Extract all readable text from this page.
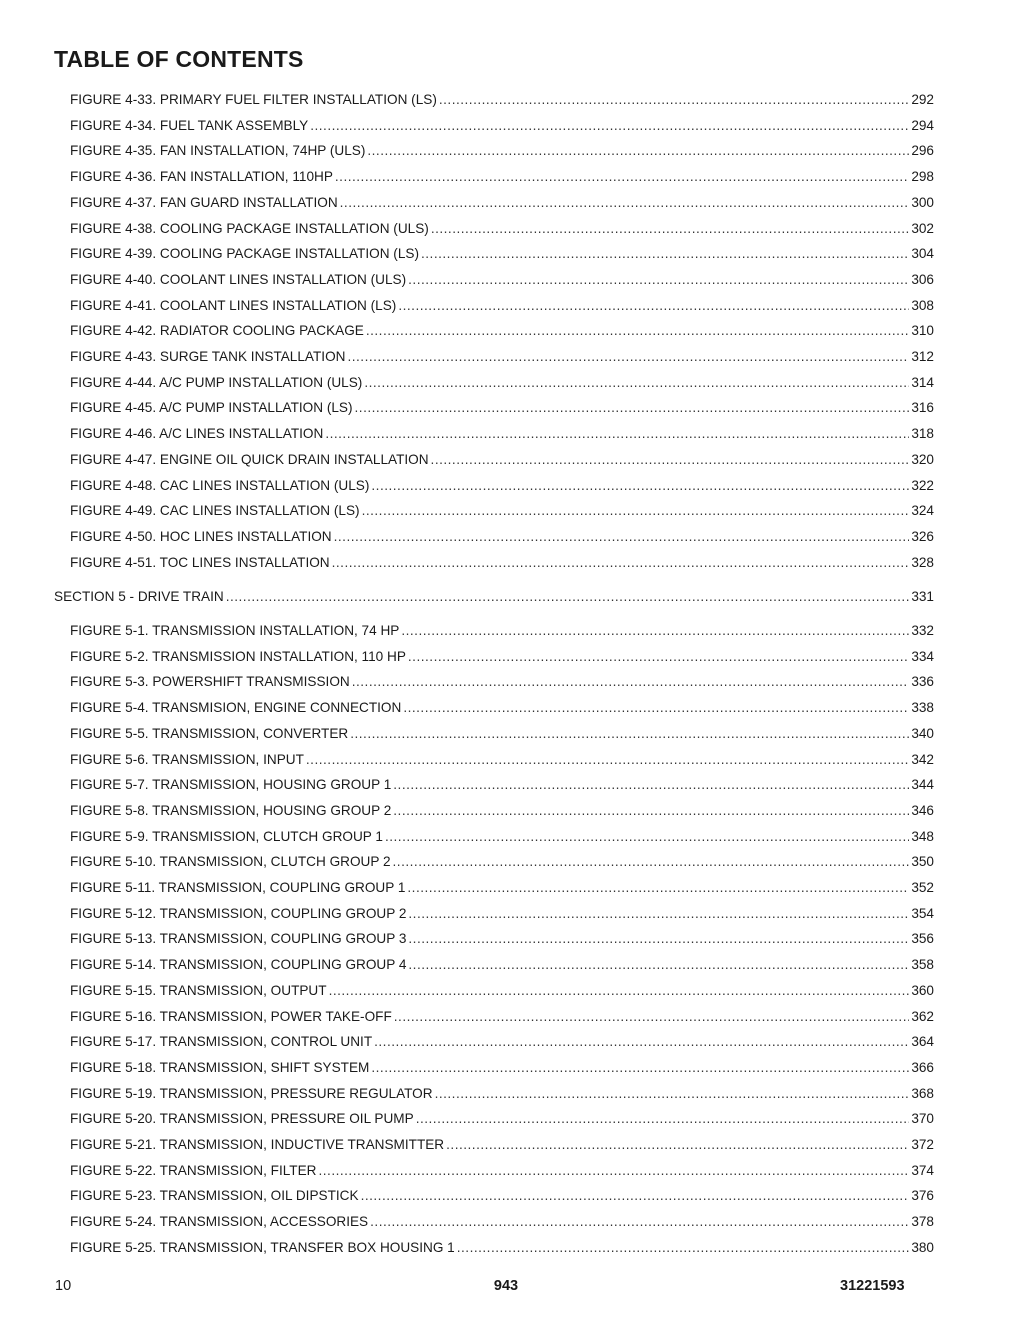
TABLE OF CONTENTS
FIGURE 4-33. PRIMARY FUEL FILTER INSTALLATION (LS) .....	292
FIGURE 4-34. FUEL TANK ASSEMBLY .....	294
FIGURE 4-35. FAN INSTALLATION, 74HP (ULS) .....	296
FIGURE 4-36. FAN INSTALLATION, 110HP .....	298
FIGURE 4-37. FAN GUARD INSTALLATION .....	300
FIGURE 4-38. COOLING PACKAGE INSTALLATION (ULS) .....	302
FIGURE 4-39. COOLING PACKAGE INSTALLATION (LS) .....	304
FIGURE 4-40. COOLANT LINES INSTALLATION (ULS) .....	306
FIGURE 4-41. COOLANT LINES INSTALLATION (LS) .....	308
FIGURE 4-42. RADIATOR COOLING PACKAGE .....	310
FIGURE 4-43. SURGE TANK INSTALLATION .....	312
FIGURE 4-44. A/C PUMP INSTALLATION (ULS) .....	314
FIGURE 4-45. A/C PUMP INSTALLATION (LS) .....	316
FIGURE 4-46. A/C LINES INSTALLATION .....	318
FIGURE 4-47. ENGINE OIL QUICK DRAIN INSTALLATION .....	320
FIGURE 4-48. CAC LINES INSTALLATION (ULS) .....	322
FIGURE 4-49. CAC LINES INSTALLATION (LS) .....	324
FIGURE 4-50. HOC LINES INSTALLATION .....	326
FIGURE 4-51. TOC LINES INSTALLATION .....	328
SECTION 5 - DRIVE TRAIN .....	331
FIGURE 5-1. TRANSMISSION INSTALLATION, 74 HP .....	332
FIGURE 5-2. TRANSMISSION INSTALLATION, 110 HP .....	334
FIGURE 5-3. POWERSHIFT TRANSMISSION .....	336
FIGURE 5-4. TRANSMISION, ENGINE CONNECTION .....	338
FIGURE 5-5. TRANSMISSION, CONVERTER .....	340
FIGURE 5-6. TRANSMISSION, INPUT .....	342
FIGURE 5-7. TRANSMISSION, HOUSING GROUP 1 .....	344
FIGURE 5-8. TRANSMISSION, HOUSING GROUP 2 .....	346
FIGURE 5-9. TRANSMISSION, CLUTCH GROUP 1 .....	348
FIGURE 5-10. TRANSMISSION, CLUTCH GROUP 2 .....	350
FIGURE 5-11. TRANSMISSION, COUPLING GROUP 1 .....	352
FIGURE 5-12. TRANSMISSION, COUPLING GROUP 2 .....	354
FIGURE 5-13. TRANSMISSION, COUPLING GROUP 3 .....	356
FIGURE 5-14. TRANSMISSION, COUPLING GROUP 4 .....	358
FIGURE 5-15. TRANSMISSION, OUTPUT .....	360
FIGURE 5-16. TRANSMISSION, POWER TAKE-OFF .....	362
FIGURE 5-17. TRANSMISSION, CONTROL UNIT .....	364
FIGURE 5-18. TRANSMISSION, SHIFT SYSTEM .....	366
FIGURE 5-19. TRANSMISSION, PRESSURE REGULATOR .....	368
FIGURE 5-20. TRANSMISSION, PRESSURE OIL PUMP .....	370
FIGURE 5-21. TRANSMISSION, INDUCTIVE TRANSMITTER .....	372
FIGURE 5-22. TRANSMISSION, FILTER .....	374
FIGURE 5-23. TRANSMISSION, OIL DIPSTICK .....	376
FIGURE 5-24. TRANSMISSION, ACCESSORIES .....	378
FIGURE 5-25. TRANSMISSION, TRANSFER BOX HOUSING 1 .....	380
10	943	31221593
